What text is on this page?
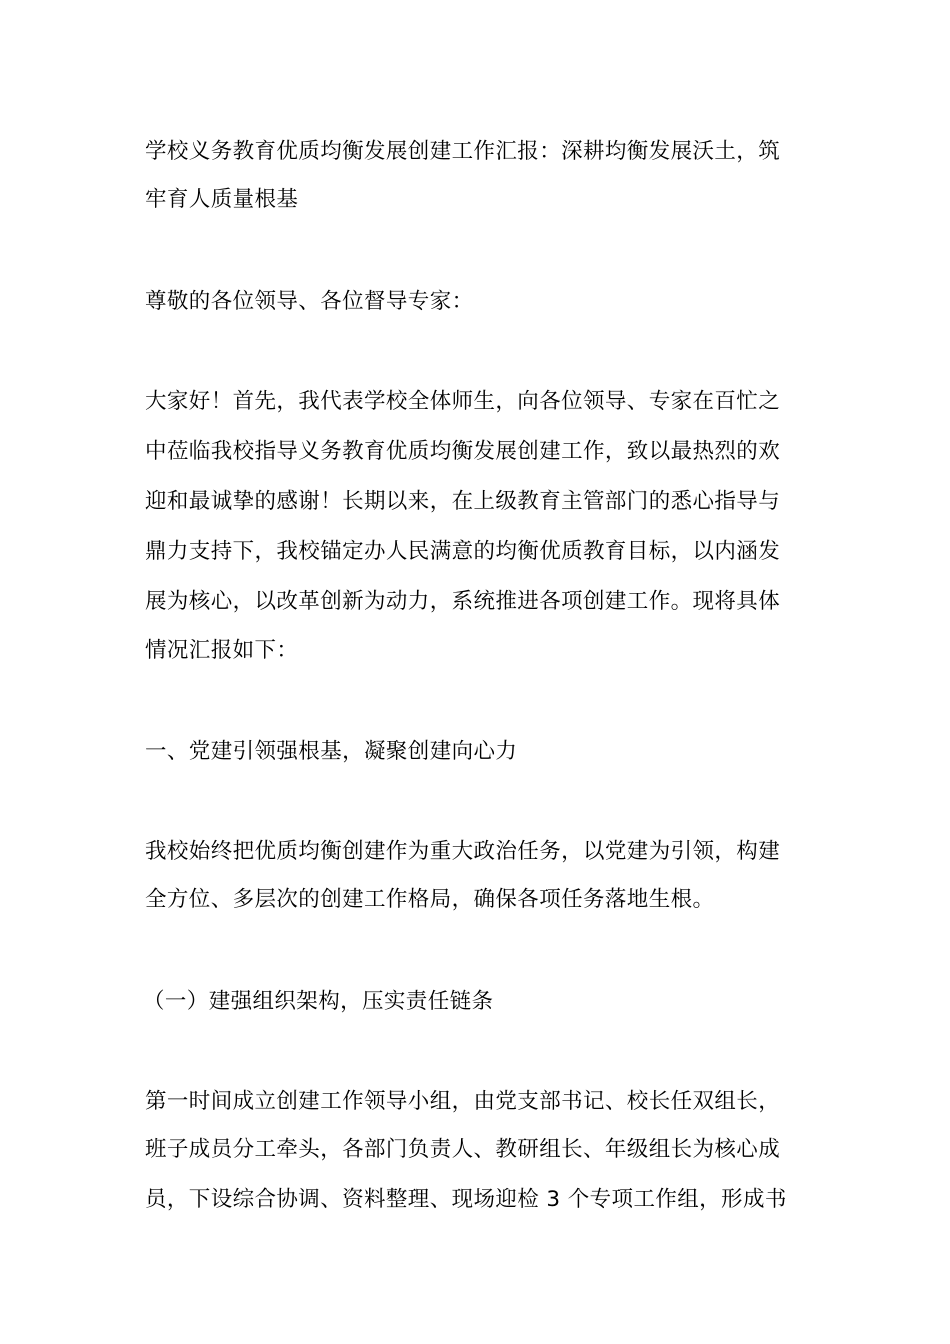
学校义务教育优质均衡发展创建工作汇报：深耕均衡发展沃土，筑
牢育人质量根基
尊敬的各位领导、各位督导专家：
大家好！首先，我代表学校全体师生，向各位领导、专家在百忙之
中莅临我校指导义务教育优质均衡发展创建工作，致以最热烈的欢
迎和最诚挚的感谢！长期以来，在上级教育主管部门的悉心指导与
鼎力支持下，我校锚定办人民满意的均衡优质教育目标，以内涵发
展为核心，以改革创新为动力，系统推进各项创建工作。现将具体
情况汇报如下：
一、党建引领强根基，凝聚创建向心力
我校始终把优质均衡创建作为重大政治任务，以党建为引领，构建
全方位、多层次的创建工作格局，确保各项任务落地生根。
（一）建强组织架构，压实责任链条
第一时间成立创建工作领导小组，由党支部书记、校长任双组长，
班子成员分工牵头，各部门负责人、教研组长、年级组长为核心成
员，下设综合协调、资料整理、现场迎检 3 个专项工作组，形成书
